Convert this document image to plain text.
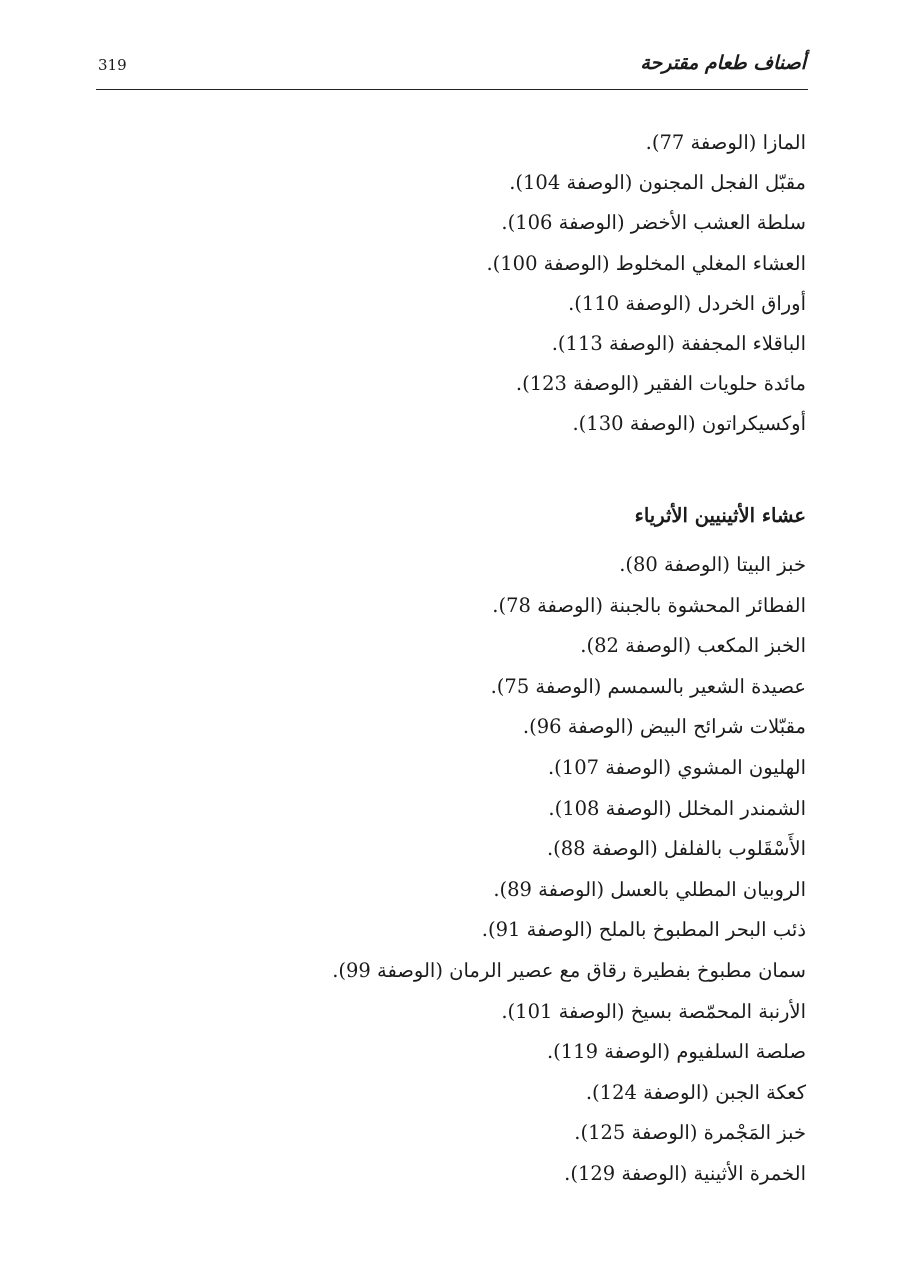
أصناف طعام مقترحة
319
المازا (الوصفة 77).
مقبّل الفجل المجنون (الوصفة 104).
سلطة العشب الأخضر (الوصفة 106).
العشاء المغلي المخلوط (الوصفة 100).
أوراق الخردل (الوصفة 110).
الباقلاء المجففة (الوصفة 113).
مائدة حلويات الفقير (الوصفة 123).
أوكسيكراتون (الوصفة 130).
عشاء الأثينيين الأثرياء
خبز البيتا (الوصفة 80).
الفطائر المحشوة بالجبنة (الوصفة 78).
الخبز المكعب (الوصفة 82).
عصيدة الشعير بالسمسم (الوصفة 75).
مقبّلات شرائح البيض (الوصفة 96).
الهليون المشوي (الوصفة 107).
الشمندر المخلل (الوصفة 108).
الأَسْقَلوب بالفلفل (الوصفة 88).
الروبيان المطلي بالعسل (الوصفة 89).
ذئب البحر المطبوخ بالملح (الوصفة 91).
سمان مطبوخ بفطيرة رقاق مع عصير الرمان (الوصفة 99).
الأرنبة المحمّصة بسيخ (الوصفة 101).
صلصة السلفيوم (الوصفة 119).
كعكة الجبن (الوصفة 124).
خبز المَجْمرة (الوصفة 125).
الخمرة الأثينية (الوصفة 129).
